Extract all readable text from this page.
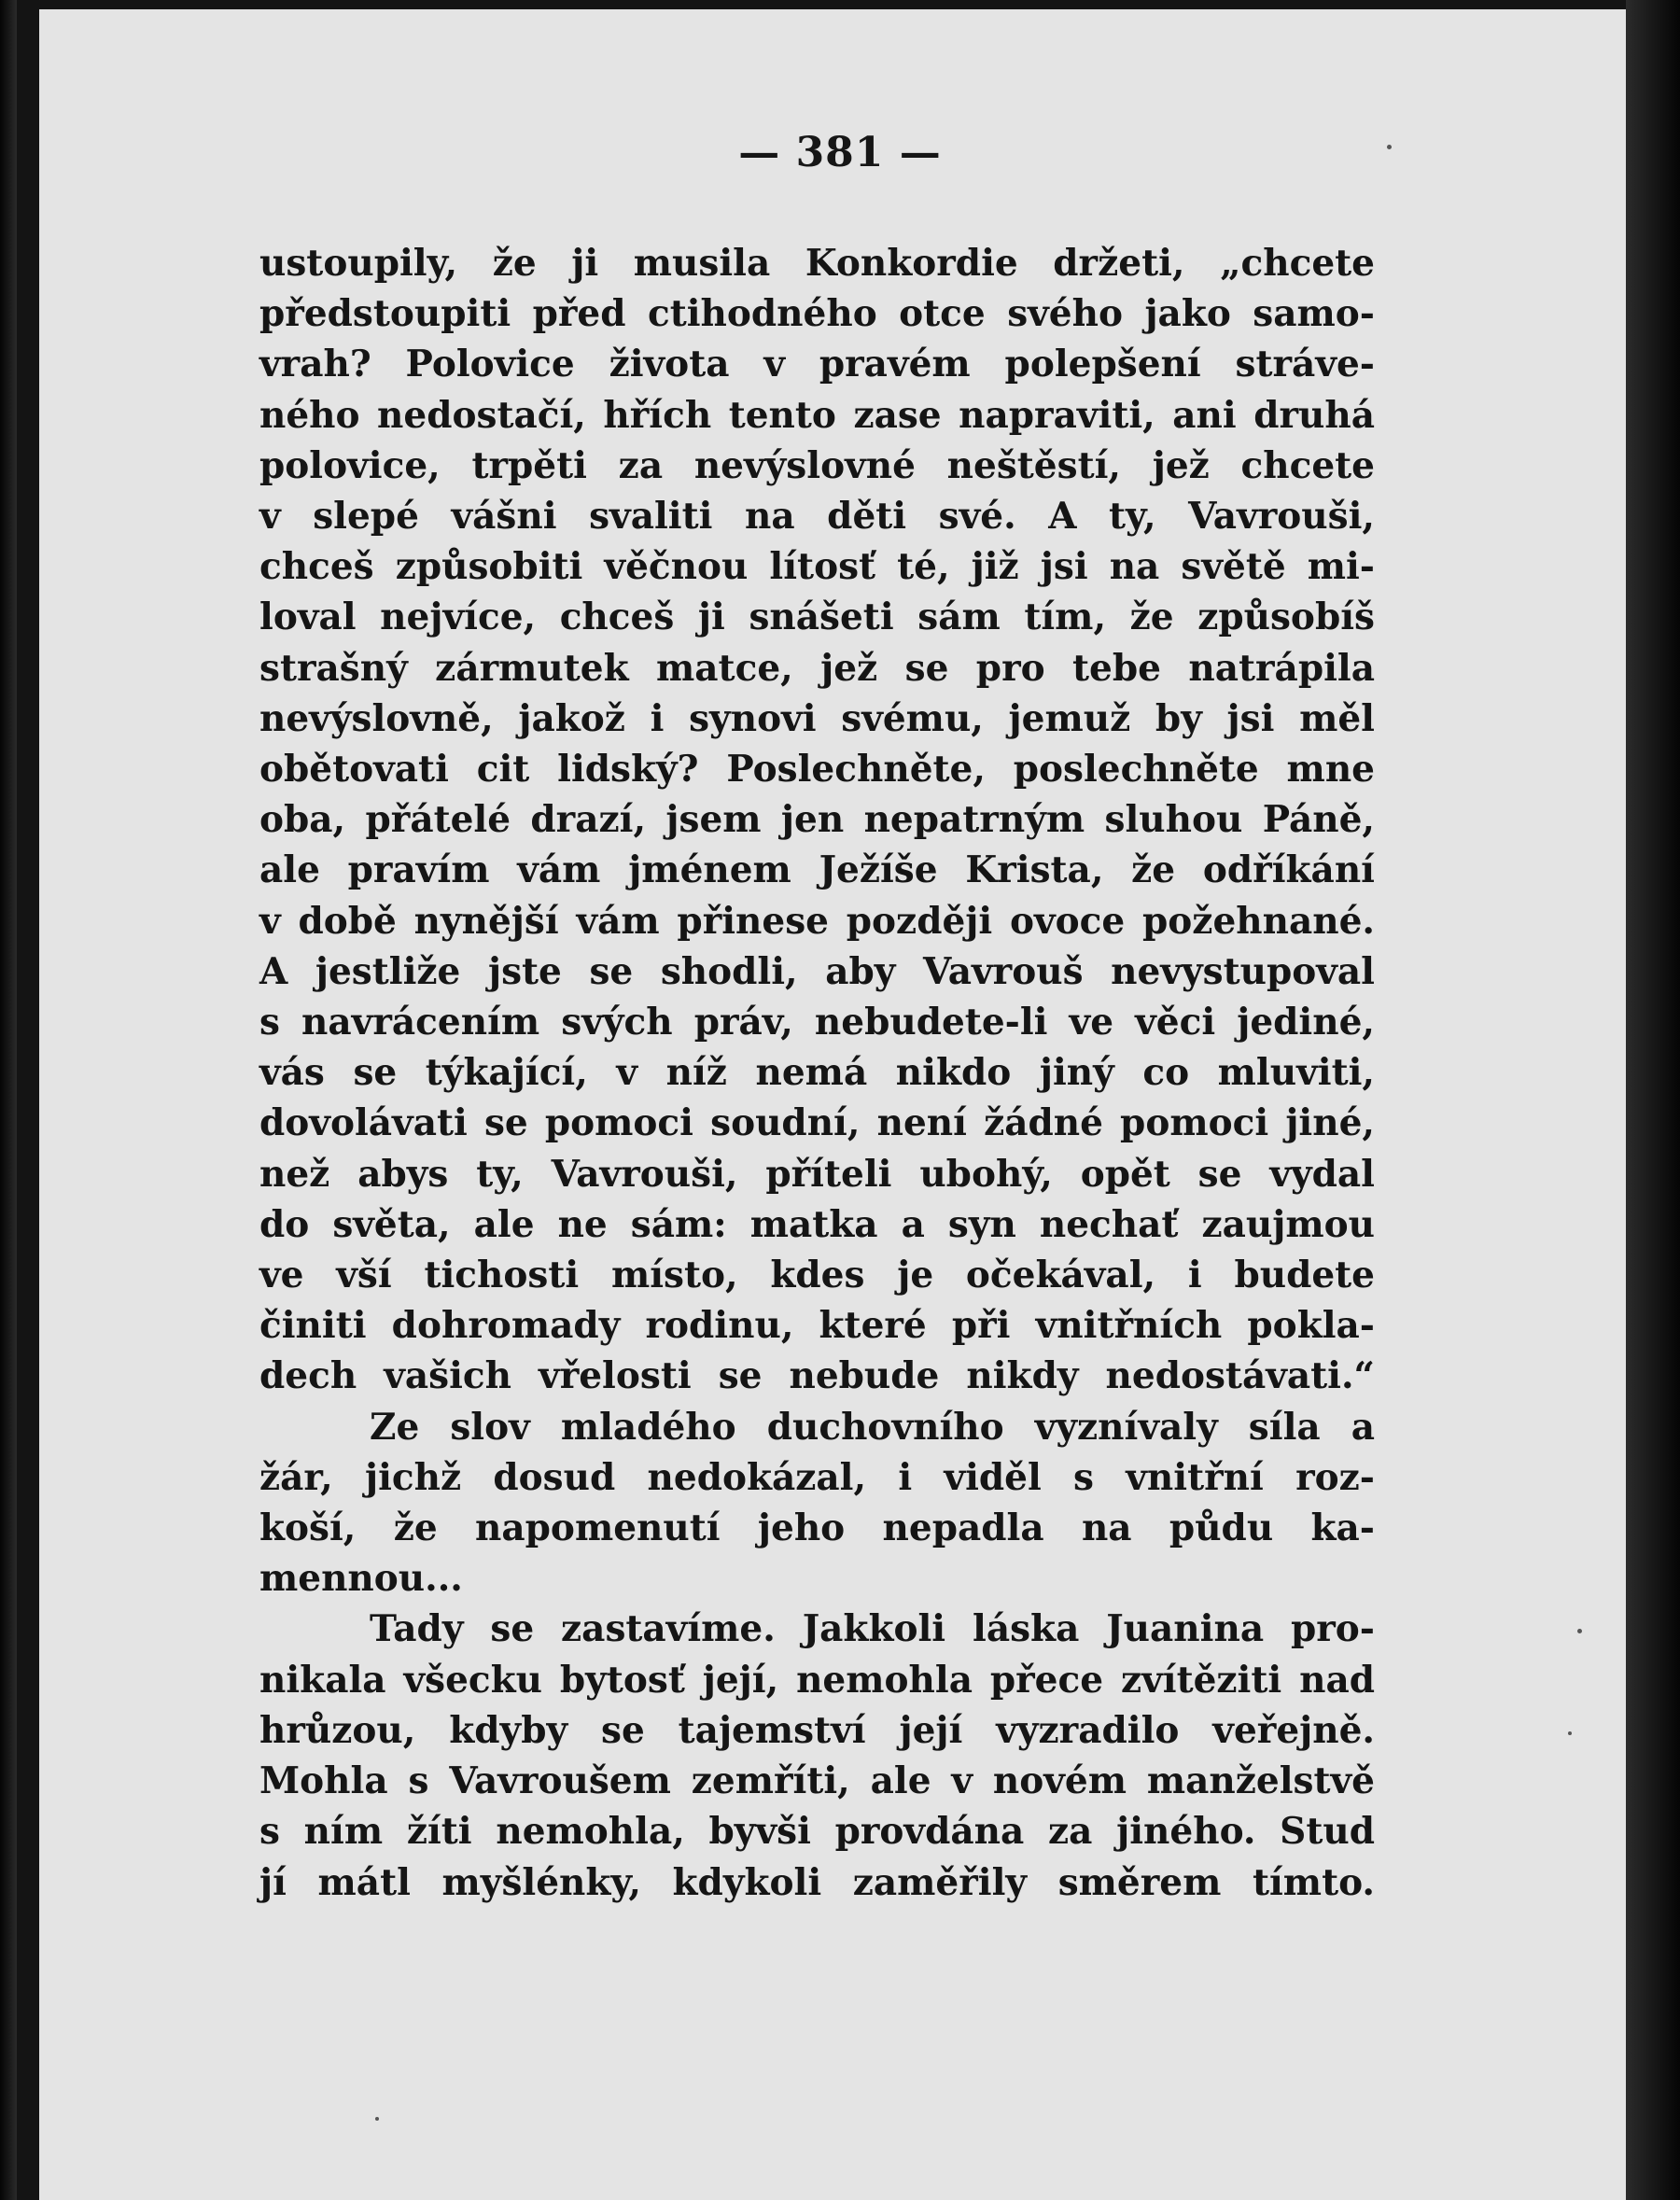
— 381 —
ustoupily, že ji musila Konkordie držeti, „chcete
předstoupiti před ctihodného otce svého jako samo-
vrah? Polovice života v pravém polepšení stráve-
ného nedostačí, hřích tento zase napraviti, ani druhá
polovice, trpěti za nevýslovné neštěstí, jež chcete
v slepé vášni svaliti na děti své. A ty, Vavrouši,
chceš způsobiti věčnou lítosť té, již jsi na světě mi-
loval nejvíce, chceš ji snášeti sám tím, že způsobíš
strašný zármutek matce, jež se pro tebe natrápila
nevýslovně, jakož i synovi svému, jemuž by jsi měl
obětovati cit lidský? Poslechněte, poslechněte mne
oba, přátelé drazí, jsem jen nepatrným sluhou Páně,
ale pravím vám jménem Ježíše Krista, že odříkání
v době nynější vám přinese později ovoce požehnané.
A jestliže jste se shodli, aby Vavrouš nevystupoval
s navrácením svých práv, nebudete-li ve věci jediné,
vás se týkající, v níž nemá nikdo jiný co mluviti,
dovolávati se pomoci soudní, není žádné pomoci jiné,
než abys ty, Vavrouši, příteli ubohý, opět se vydal
do světa, ale ne sám: matka a syn nechať zaujmou
ve vší tichosti místo, kdes je očekával, i budete
činiti dohromady rodinu, které při vnitřních pokla-
dech vašich vřelosti se nebude nikdy nedostávati.“
Ze slov mladého duchovního vyznívaly síla a
žár, jichž dosud nedokázal, i viděl s vnitřní roz-
koší, že napomenutí jeho nepadla na půdu ka-
mennou...
Tady se zastavíme. Jakkoli láska Juanina pro-
nikala všecku bytosť její, nemohla přece zvítěziti nad
hrůzou, kdyby se tajemství její vyzradilo veřejně.
Mohla s Vavroušem zemříti, ale v novém manželstvě
s ním žíti nemohla, byvši provdána za jiného. Stud
jí mátl myšlénky, kdykoli zaměřily směrem tímto.
